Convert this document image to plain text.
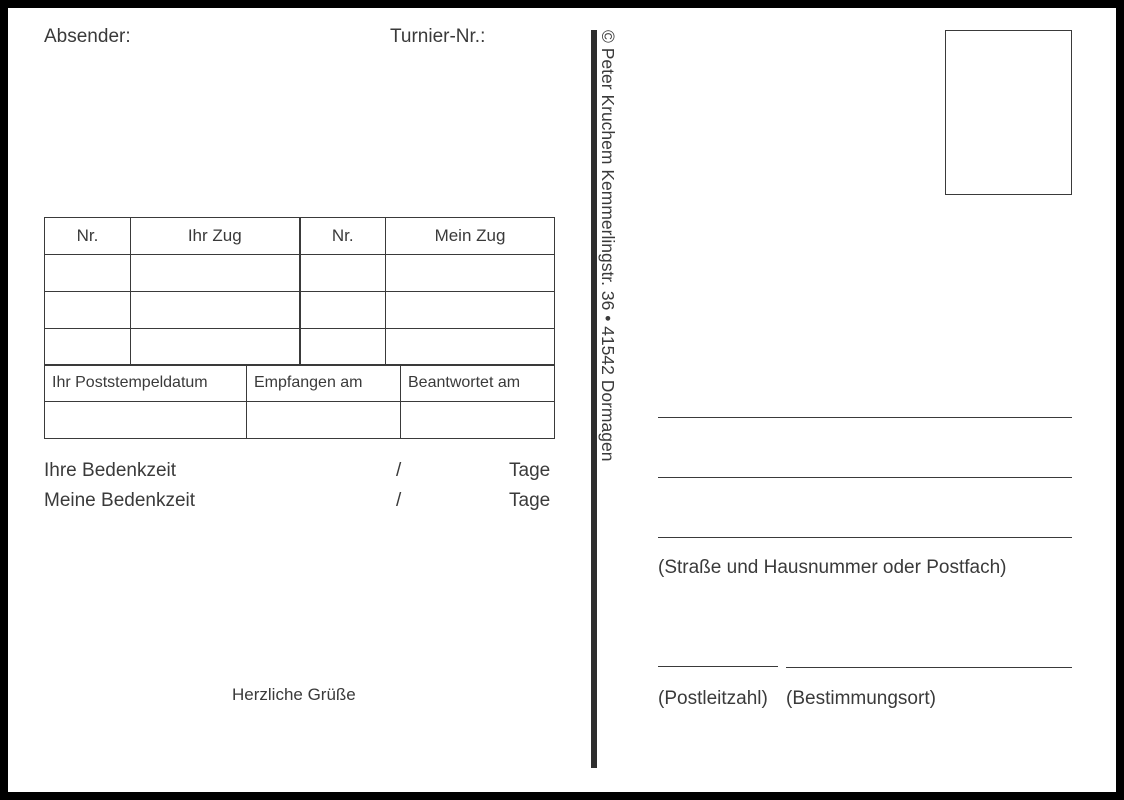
Absender:	Turnier-Nr.:
Nr.	Ihr Zug	Nr.	Mein Zug

Ihr Poststempeldatum	Empfangen am	Beantwortet am

Ihre Bedenkzeit	/	Tage
Meine Bedenkzeit	/	Tage
Herzliche Grüße
© Peter Kruchem Kemmerlingstr. 36 • 41542 Dormagen
(Straße und Hausnummer oder Postfach)
(Postleitzahl) (Bestimmungsort)
